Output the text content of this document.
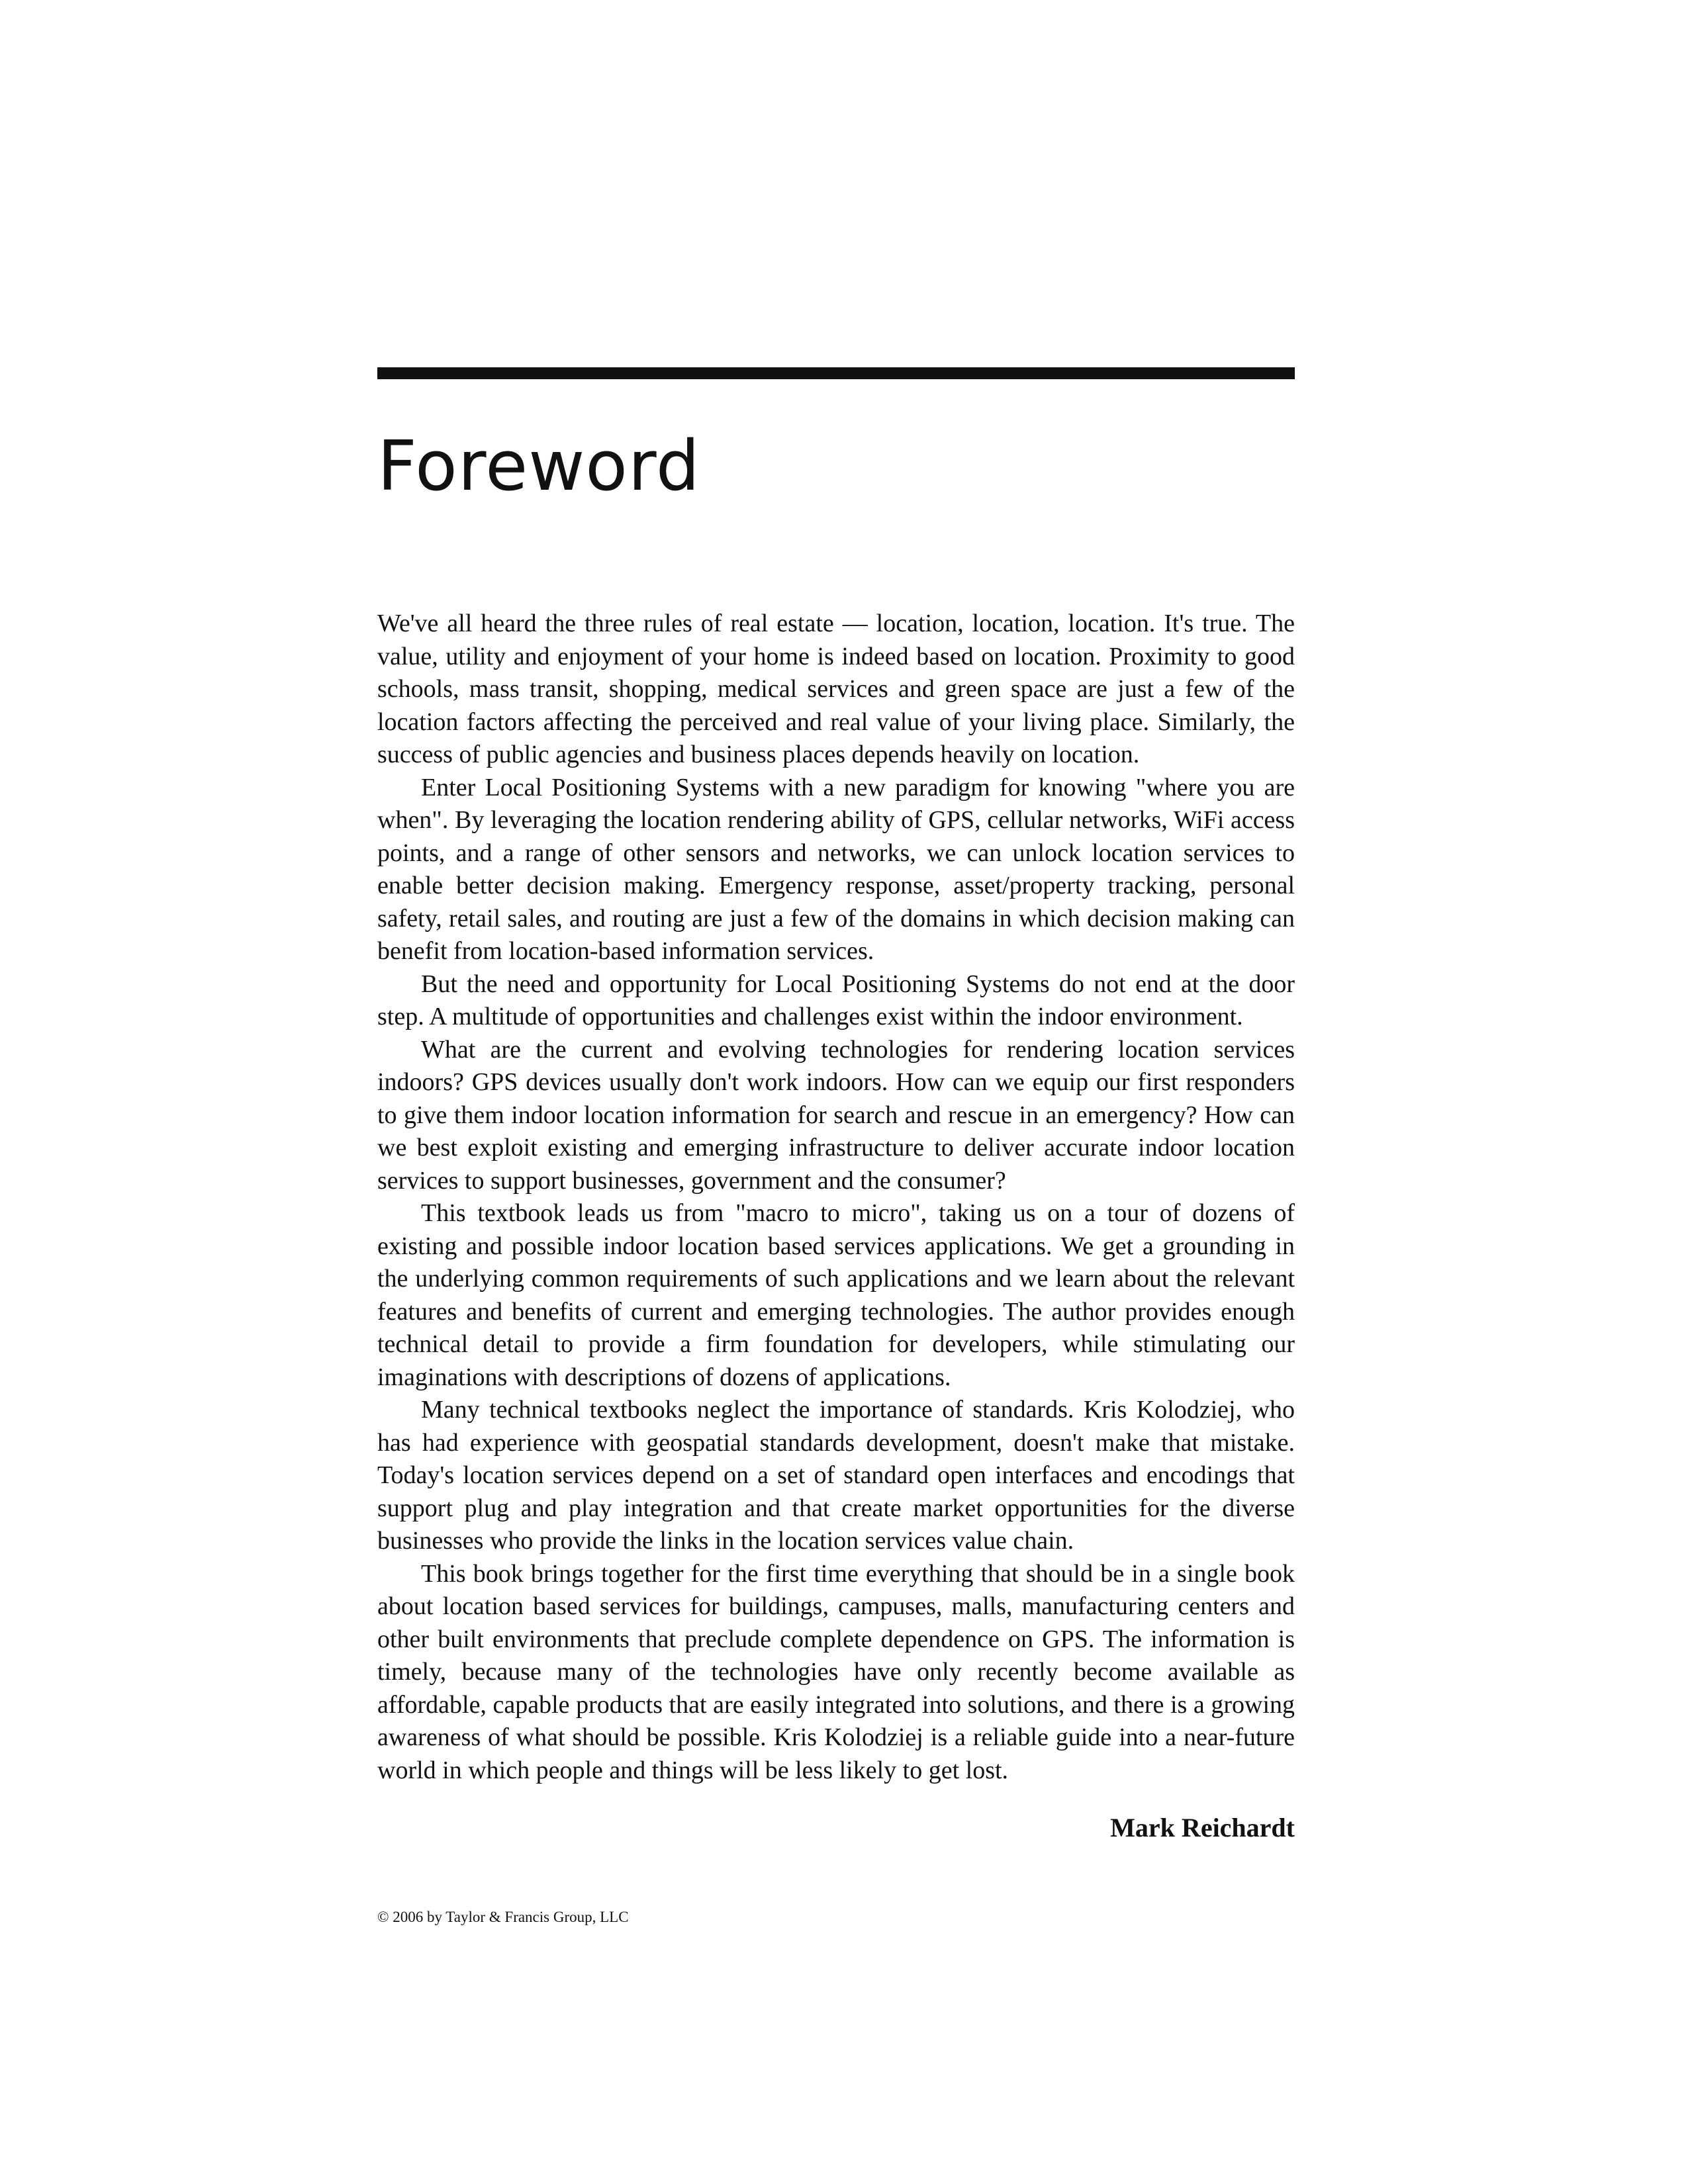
Foreword

We've all heard the three rules of real estate — location, location, location. It's true. The value, utility and enjoyment of your home is indeed based on location. Proximity to good schools, mass transit, shopping, medical services and green space are just a few of the location factors affecting the perceived and real value of your living place. Similarly, the success of public agencies and business places depends heavily on location.

Enter Local Positioning Systems with a new paradigm for knowing "where you are when". By leveraging the location rendering ability of GPS, cellular networks, WiFi access points, and a range of other sensors and networks, we can unlock location services to enable better decision making. Emergency response, asset/property tracking, personal safety, retail sales, and routing are just a few of the domains in which decision making can benefit from location-based information services.

But the need and opportunity for Local Positioning Systems do not end at the door step. A multitude of opportunities and challenges exist within the indoor environment.

What are the current and evolving technologies for rendering location services indoors? GPS devices usually don't work indoors. How can we equip our first responders to give them indoor location information for search and rescue in an emergency? How can we best exploit existing and emerging infrastructure to deliver accurate indoor location services to support businesses, government and the consumer?

This textbook leads us from "macro to micro", taking us on a tour of dozens of existing and possible indoor location based services applications. We get a grounding in the underlying common requirements of such applications and we learn about the relevant features and benefits of current and emerging technologies. The author provides enough technical detail to provide a firm foundation for developers, while stimulating our imaginations with descriptions of dozens of applications.

Many technical textbooks neglect the importance of standards. Kris Kolodziej, who has had experience with geospatial standards development, doesn't make that mistake. Today's location services depend on a set of standard open interfaces and encodings that support plug and play integration and that create market opportunities for the diverse businesses who provide the links in the location services value chain.

This book brings together for the first time everything that should be in a single book about location based services for buildings, campuses, malls, manufacturing centers and other built environments that preclude complete dependence on GPS. The information is timely, because many of the technologies have only recently become available as affordable, capable products that are easily integrated into solutions, and there is a growing awareness of what should be possible. Kris Kolodziej is a reliable guide into a near-future world in which people and things will be less likely to get lost.

Mark Reichardt

© 2006 by Taylor & Francis Group, LLC
